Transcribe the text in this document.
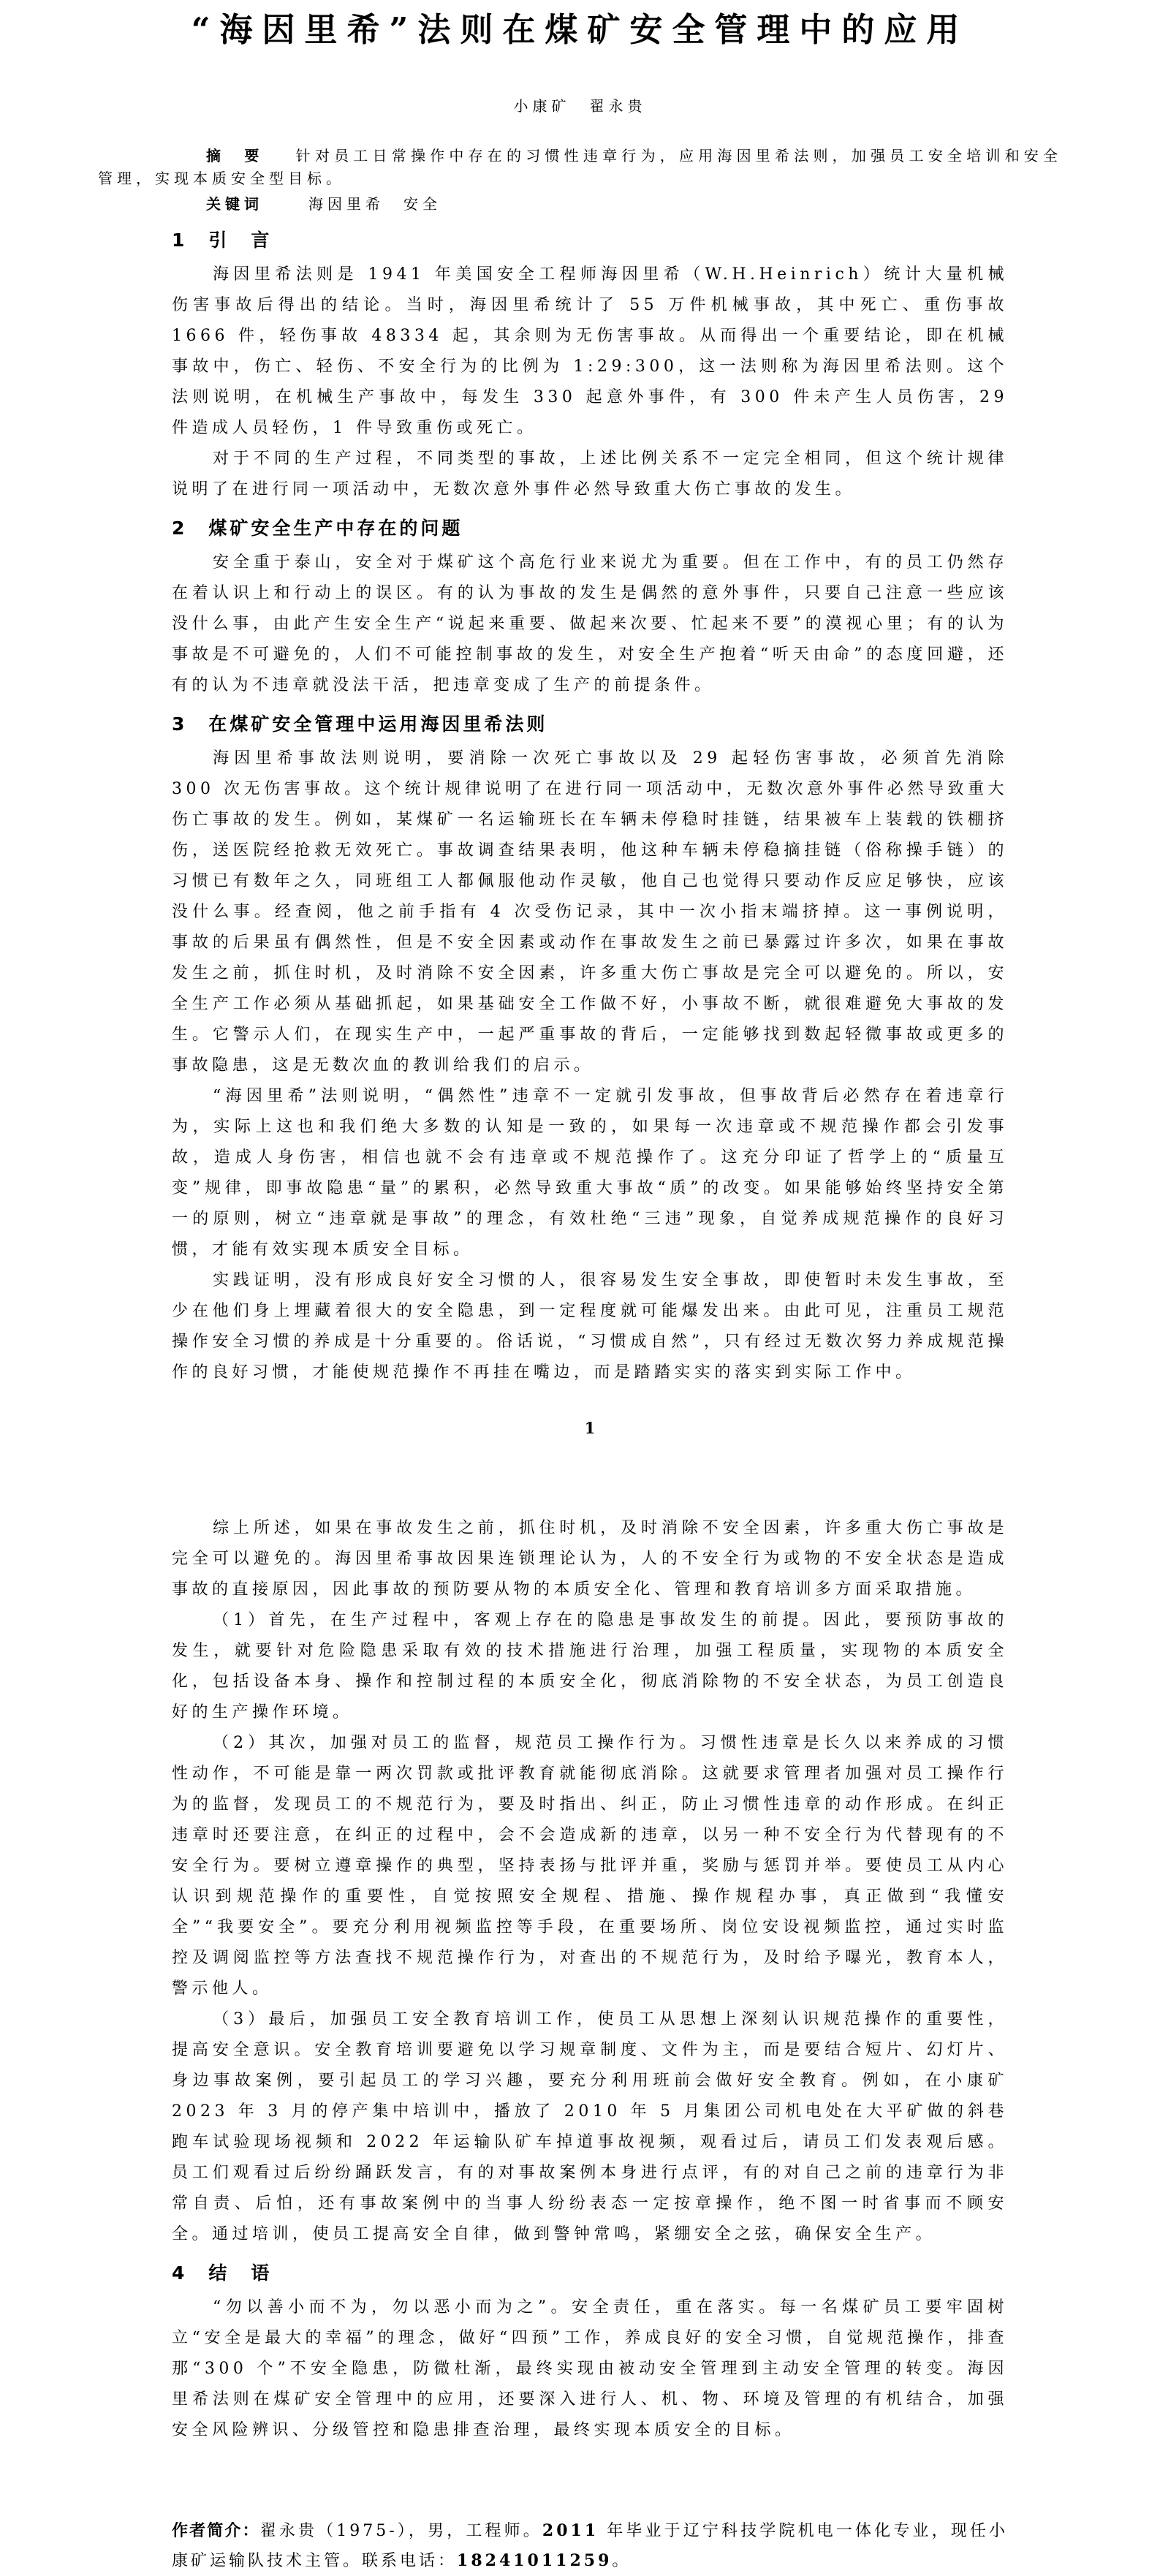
“海因里希”法则在煤矿安全管理中的应用
小康矿　翟永贵

摘　要 针对员工日常操作中存在的习惯性违章行为，应用海因里希法则，加强员工安全培训和安全管理，实现本质安全型目标。

关键词	海因里希　安全

1　引　言

海因里希法则是 1941 年美国安全工程师海因里希（W.H.Heinrich）统计大量机械伤害事故后得出的结论。当时，海因里希统计了 55 万件机械事故，其中死亡、重伤事故 1666 件，轻伤事故 48334 起，其余则为无伤害事故。从而得出一个重要结论，即在机械事故中，伤亡、轻伤、不安全行为的比例为 1:29:300，这一法则称为海因里希法则。这个法则说明，在机械生产事故中，每发生 330 起意外事件，有 300 件未产生人员伤害，29 件造成人员轻伤，1 件导致重伤或死亡。

对于不同的生产过程，不同类型的事故，上述比例关系不一定完全相同，但这个统计规律说明了在进行同一项活动中，无数次意外事件必然导致重大伤亡事故的发生。

2　煤矿安全生产中存在的问题

安全重于泰山，安全对于煤矿这个高危行业来说尤为重要。但在工作中，有的员工仍然存在着认识上和行动上的误区。有的认为事故的发生是偶然的意外事件，只要自己注意一些应该没什么事，由此产生安全生产“说起来重要、做起来次要、忙起来不要”的漠视心里；有的认为事故是不可避免的，人们不可能控制事故的发生，对安全生产抱着“听天由命”的态度回避，还有的认为不违章就没法干活，把违章变成了生产的前提条件。

3　在煤矿安全管理中运用海因里希法则

海因里希事故法则说明，要消除一次死亡事故以及 29 起轻伤害事故，必须首先消除 300 次无伤害事故。这个统计规律说明了在进行同一项活动中，无数次意外事件必然导致重大伤亡事故的发生。例如，某煤矿一名运输班长在车辆未停稳时挂链，结果被车上装载的铁棚挤伤，送医院经抢救无效死亡。事故调查结果表明，他这种车辆未停稳摘挂链（俗称操手链）的习惯已有数年之久，同班组工人都佩服他动作灵敏，他自己也觉得只要动作反应足够快，应该没什么事。经查阅，他之前手指有 4 次受伤记录，其中一次小指末端挤掉。这一事例说明，事故的后果虽有偶然性，但是不安全因素或动作在事故发生之前已暴露过许多次，如果在事故发生之前，抓住时机，及时消除不安全因素，许多重大伤亡事故是完全可以避免的。所以，安全生产工作必须从基础抓起，如果基础安全工作做不好，小事故不断，就很难避免大事故的发生。它警示人们，在现实生产中，一起严重事故的背后，一定能够找到数起轻微事故或更多的事故隐患，这是无数次血的教训给我们的启示。

“海因里希”法则说明，“偶然性”违章不一定就引发事故，但事故背后必然存在着违章行为，实际上这也和我们绝大多数的认知是一致的，如果每一次违章或不规范操作都会引发事故，造成人身伤害，相信也就不会有违章或不规范操作了。这充分印证了哲学上的“质量互变”规律，即事故隐患“量”的累积，必然导致重大事故“质”的改变。如果能够始终坚持安全第一的原则，树立“违章就是事故”的理念，有效杜绝“三违”现象，自觉养成规范操作的良好习惯，才能有效实现本质安全目标。

实践证明，没有形成良好安全习惯的人，很容易发生安全事故，即使暂时未发生事故，至少在他们身上埋藏着很大的安全隐患，到一定程度就可能爆发出来。由此可见，注重员工规范操作安全习惯的养成是十分重要的。俗话说，“习惯成自然”，只有经过无数次努力养成规范操作的良好习惯，才能使规范操作不再挂在嘴边，而是踏踏实实的落实到实际工作中。

1

综上所述，如果在事故发生之前，抓住时机，及时消除不安全因素，许多重大伤亡事故是完全可以避免的。海因里希事故因果连锁理论认为，人的不安全行为或物的不安全状态是造成事故的直接原因，因此事故的预防要从物的本质安全化、管理和教育培训多方面采取措施。

（1）首先，在生产过程中，客观上存在的隐患是事故发生的前提。因此，要预防事故的发生，就要针对危险隐患采取有效的技术措施进行治理，加强工程质量，实现物的本质安全化，包括设备本身、操作和控制过程的本质安全化，彻底消除物的不安全状态，为员工创造良好的生产操作环境。

（2）其次，加强对员工的监督，规范员工操作行为。习惯性违章是长久以来养成的习惯性动作，不可能是靠一两次罚款或批评教育就能彻底消除。这就要求管理者加强对员工操作行为的监督，发现员工的不规范行为，要及时指出、纠正，防止习惯性违章的动作形成。在纠正违章时还要注意，在纠正的过程中，会不会造成新的违章，以另一种不安全行为代替现有的不安全行为。要树立遵章操作的典型，坚持表扬与批评并重，奖励与惩罚并举。要使员工从内心认识到规范操作的重要性，自觉按照安全规程、措施、操作规程办事，真正做到“我懂安全”“我要安全”。要充分利用视频监控等手段，在重要场所、岗位安设视频监控，通过实时监控及调阅监控等方法查找不规范操作行为，对查出的不规范行为，及时给予曝光，教育本人，警示他人。

（3）最后，加强员工安全教育培训工作，使员工从思想上深刻认识规范操作的重要性，提高安全意识。安全教育培训要避免以学习规章制度、文件为主，而是要结合短片、幻灯片、身边事故案例，要引起员工的学习兴趣，要充分利用班前会做好安全教育。例如，在小康矿 2023 年 3 月的停产集中培训中，播放了 2010 年 5 月集团公司机电处在大平矿做的斜巷跑车试验现场视频和 2022 年运输队矿车掉道事故视频，观看过后，请员工们发表观后感。员工们观看过后纷纷踊跃发言，有的对事故案例本身进行点评，有的对自己之前的违章行为非常自责、后怕，还有事故案例中的当事人纷纷表态一定按章操作，绝不图一时省事而不顾安全。通过培训，使员工提高安全自律，做到警钟常鸣，紧绷安全之弦，确保安全生产。

4　结　语

“勿以善小而不为，勿以恶小而为之”。安全责任，重在落实。每一名煤矿员工要牢固树立“安全是最大的幸福”的理念，做好“四预”工作，养成良好的安全习惯，自觉规范操作，排查那“300 个”不安全隐患，防微杜渐，最终实现由被动安全管理到主动安全管理的转变。海因里希法则在煤矿安全管理中的应用，还要深入进行人、机、物、环境及管理的有机结合，加强安全风险辨识、分级管控和隐患排查治理，最终实现本质安全的目标。

作者简介：翟永贵（1975-），男，工程师。2011 年毕业于辽宁科技学院机电一体化专业，现任小康矿运输队技术主管。联系电话：18241011259。
